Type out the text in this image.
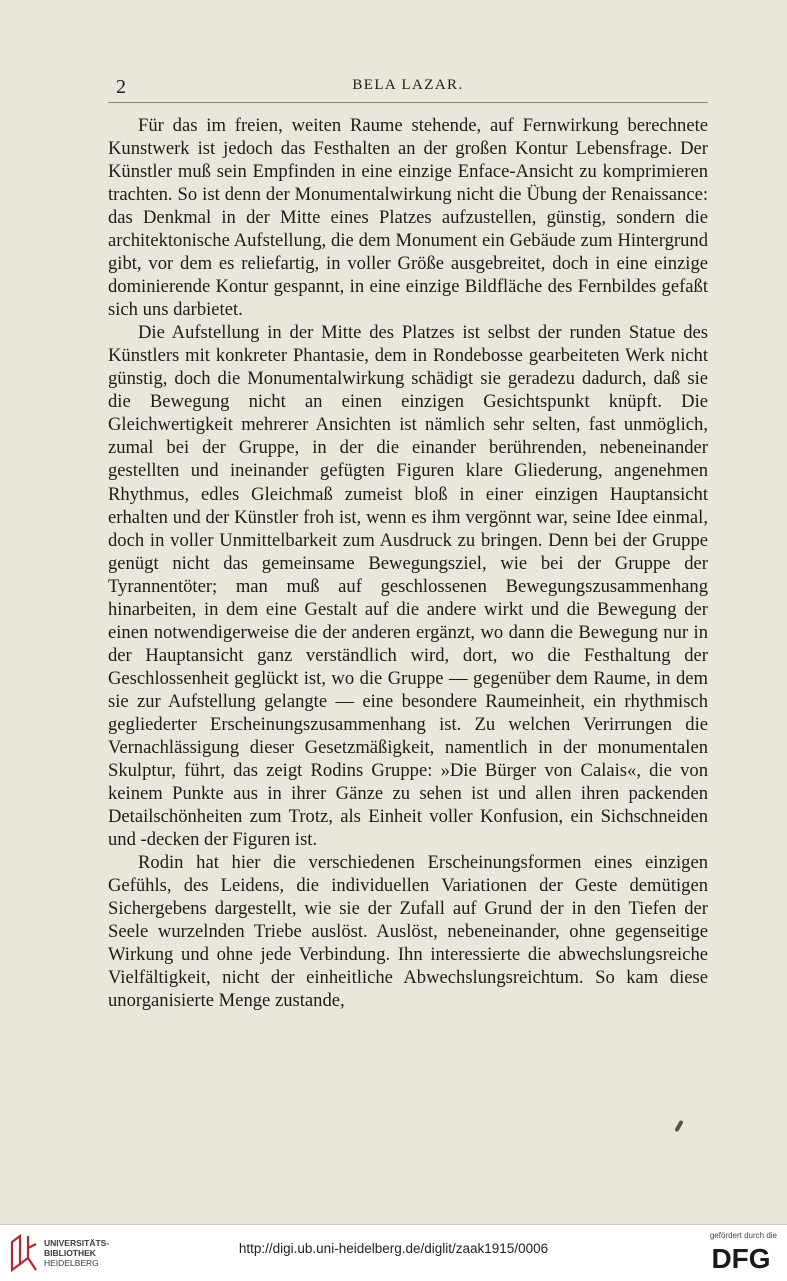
2	BELA LAZAR.

Für das im freien, weiten Raume stehende, auf Fernwirkung berechnete Kunstwerk ist jedoch das Festhalten an der großen Kontur Lebensfrage. Der Künstler muß sein Empfinden in eine einzige Enface-Ansicht zu komprimieren trachten. So ist denn der Monumentalwirkung nicht die Übung der Renaissance: das Denkmal in der Mitte eines Platzes aufzustellen, günstig, sondern die architektonische Aufstellung, die dem Monument ein Gebäude zum Hintergrund gibt, vor dem es reliefartig, in voller Größe ausgebreitet, doch in eine einzige dominierende Kontur gespannt, in eine einzige Bildfläche des Fernbildes gefaßt sich uns darbietet.

Die Aufstellung in der Mitte des Platzes ist selbst der runden Statue des Künstlers mit konkreter Phantasie, dem in Rondebosse gearbeiteten Werk nicht günstig, doch die Monumentalwirkung schädigt sie geradezu dadurch, daß sie die Bewegung nicht an einen einzigen Gesichtspunkt knüpft. Die Gleichwertigkeit mehrerer Ansichten ist nämlich sehr selten, fast unmöglich, zumal bei der Gruppe, in der die einander berührenden, nebeneinander gestellten und ineinander gefügten Figuren klare Gliederung, angenehmen Rhythmus, edles Gleichmaß zumeist bloß in einer einzigen Hauptansicht erhalten und der Künstler froh ist, wenn es ihm vergönnt war, seine Idee einmal, doch in voller Unmittelbarkeit zum Ausdruck zu bringen. Denn bei der Gruppe genügt nicht das gemeinsame Bewegungsziel, wie bei der Gruppe der Tyrannentöter; man muß auf geschlossenen Bewegungszusammenhang hinarbeiten, in dem eine Gestalt auf die andere wirkt und die Bewegung der einen notwendigerweise die der anderen ergänzt, wo dann die Bewegung nur in der Hauptansicht ganz verständlich wird, dort, wo die Festhaltung der Geschlossenheit geglückt ist, wo die Gruppe — gegenüber dem Raume, in dem sie zur Aufstellung gelangte — eine besondere Raumeinheit, ein rhythmisch gegliederter Erscheinungszusammenhang ist. Zu welchen Verirrungen die Vernachlässigung dieser Gesetzmäßigkeit, namentlich in der monumentalen Skulptur, führt, das zeigt Rodins Gruppe: »Die Bürger von Calais«, die von keinem Punkte aus in ihrer Gänze zu sehen ist und allen ihren packenden Detailschönheiten zum Trotz, als Einheit voller Konfusion, ein Sichschneiden und -decken der Figuren ist.

Rodin hat hier die verschiedenen Erscheinungsformen eines einzigen Gefühls, des Leidens, die individuellen Variationen der Geste demütigen Sichergebens dargestellt, wie sie der Zufall auf Grund der in den Tiefen der Seele wurzelnden Triebe auslöst. Auslöst, nebeneinander, ohne gegenseitige Wirkung und ohne jede Verbindung. Ihn interessierte die abwechslungsreiche Vielfältigkeit, nicht der einheitliche Abwechslungsreichtum. So kam diese unorganisierte Menge zustande,

UNIVERSITÄTS-
BIBLIOTHEK
HEIDELBERG
http://digi.ub.uni-heidelberg.de/diglit/zaak1915/0006
gefördert durch die
DFG
